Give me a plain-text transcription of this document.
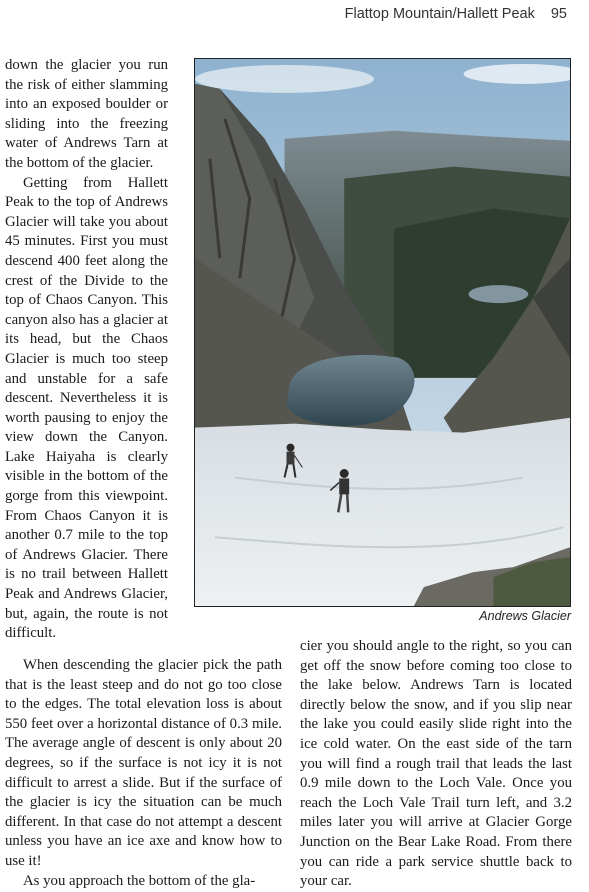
Flattop Mountain/Hallett Peak 95

down the glacier you run the risk of either slamming into an exposed boulder or sliding into the freezing water of Andrews Tarn at the bottom of the glacier.

Getting from Hallett Peak to the top of Andrews Glacier will take you about 45 minutes. First you must descend 400 feet along the crest of the Divide to the top of Chaos Canyon. This canyon also has a glacier at its head, but the Chaos Glacier is much too steep and unstable for a safe descent. Nevertheless it is worth pausing to enjoy the view down the Canyon. Lake Haiyaha is clearly visible in the bottom of the gorge from this viewpoint. From Chaos Canyon it is another 0.7 mile to the top of Andrews Glacier. There is no trail between Hallett Peak and Andrews Glacier, but, again, the route is not difficult.

Andrews Glacier

When descending the glacier pick the path that is the least steep and do not go too close to the edges. The total elevation loss is about 550 feet over a horizontal distance of 0.3 mile. The average angle of descent is only about 20 degrees, so if the surface is not icy it is not difficult to arrest a slide. But if the surface of the glacier is icy the situation can be much different. In that case do not attempt a descent unless you have an ice axe and know how to use it!

As you approach the bottom of the gla-

cier you should angle to the right, so you can get off the snow before coming too close to the lake below. Andrews Tarn is located directly below the snow, and if you slip near the lake you could easily slide right into the ice cold water. On the east side of the tarn you will find a rough trail that leads the last 0.9 mile down to the Loch Vale. Once you reach the Loch Vale Trail turn left, and 3.2 miles later you will arrive at Glacier Gorge Junction on the Bear Lake Road. From there you can ride a park service shuttle back to your car.
